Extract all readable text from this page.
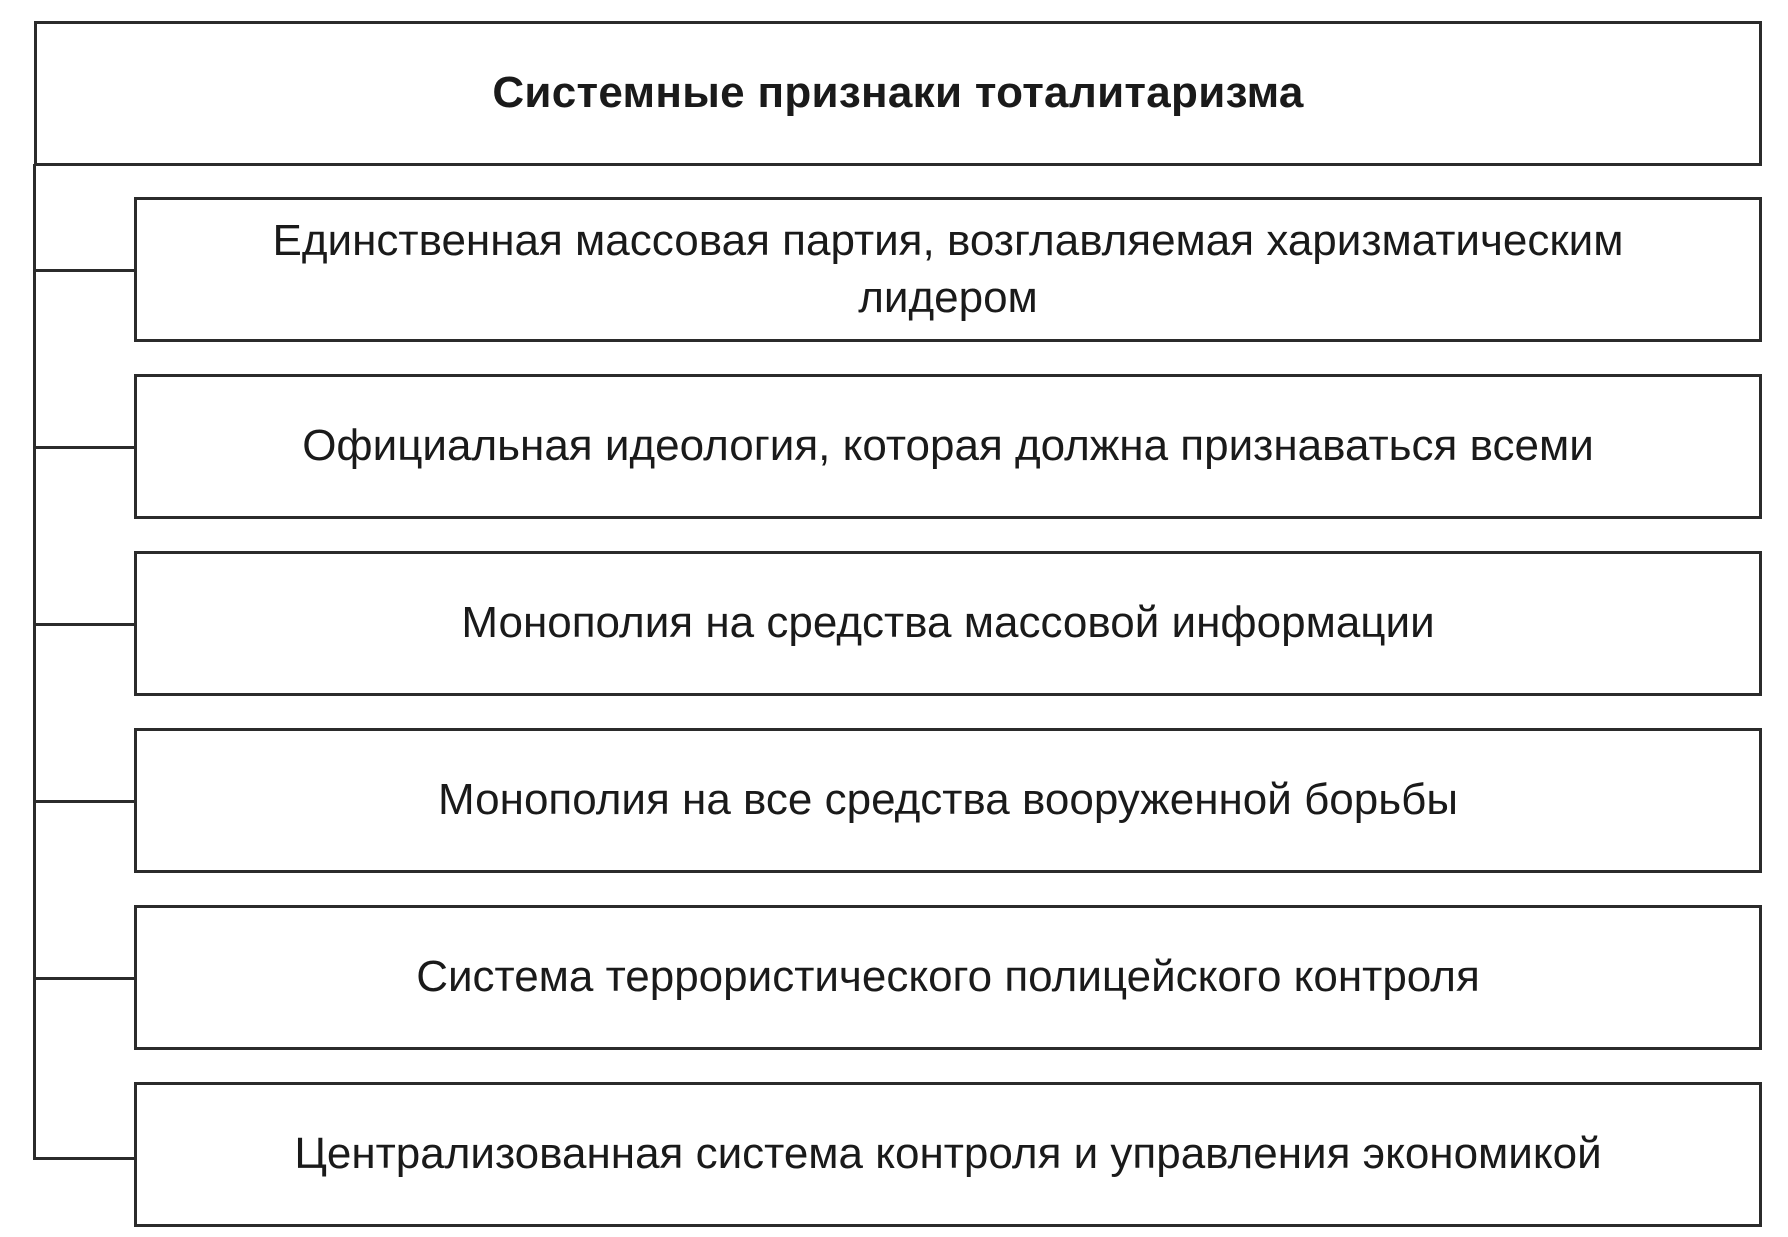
Системные признаки тоталитаризма
Единственная массовая партия, возглавляемая харизматическим лидером
Официальная идеология, которая должна признаваться всеми
Монополия на средства массовой информации
Монополия на все средства вооруженной борьбы
Система террористического полицейского контроля
Централизованная система контроля и управления экономикой
